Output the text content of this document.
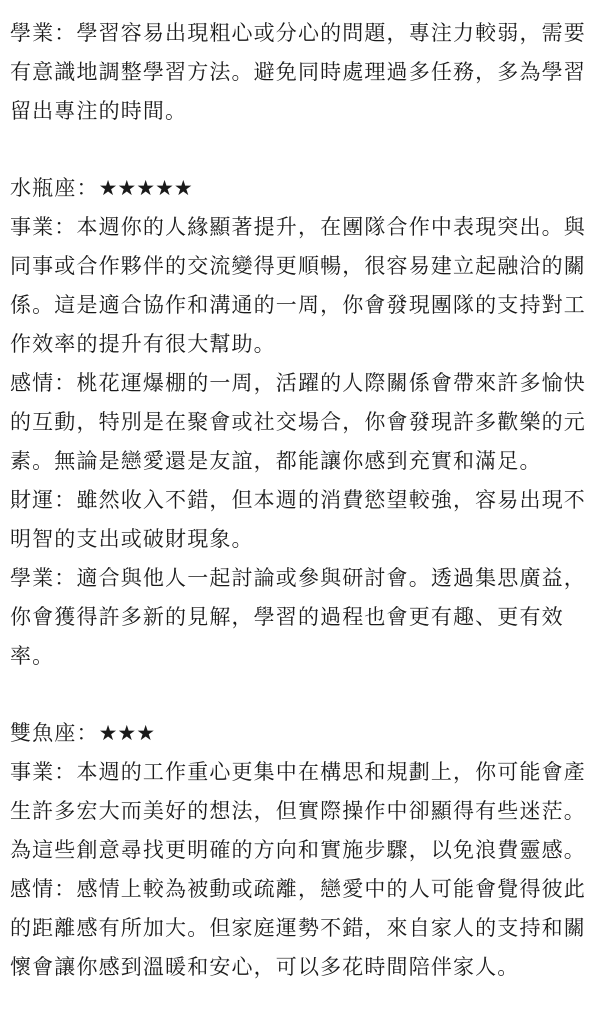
學業：學習容易出現粗心或分心的問題，專注力較弱，需要有意識地調整學習方法。避免同時處理過多任務，多為學習留出專注的時間。

水瓶座：★★★★★

事業：本週你的人緣顯著提升，在團隊合作中表現突出。與同事或合作夥伴的交流變得更順暢，很容易建立起融洽的關係。這是適合協作和溝通的一周，你會發現團隊的支持對工作效率的提升有很大幫助。

感情：桃花運爆棚的一周，活躍的人際關係會帶來許多愉快的互動，特別是在聚會或社交場合，你會發現許多歡樂的元素。無論是戀愛還是友誼，都能讓你感到充實和滿足。

財運：雖然收入不錯，但本週的消費慾望較強，容易出現不明智的支出或破財現象。

學業：適合與他人一起討論或參與研討會。透過集思廣益，你會獲得許多新的見解，學習的過程也會更有趣、更有效率。

雙魚座：★★★

事業：本週的工作重心更集中在構思和規劃上，你可能會產生許多宏大而美好的想法，但實際操作中卻顯得有些迷茫。為這些創意尋找更明確的方向和實施步驟，以免浪費靈感。

感情：感情上較為被動或疏離，戀愛中的人可能會覺得彼此的距離感有所加大。但家庭運勢不錯，來自家人的支持和關懷會讓你感到溫暖和安心，可以多花時間陪伴家人。
